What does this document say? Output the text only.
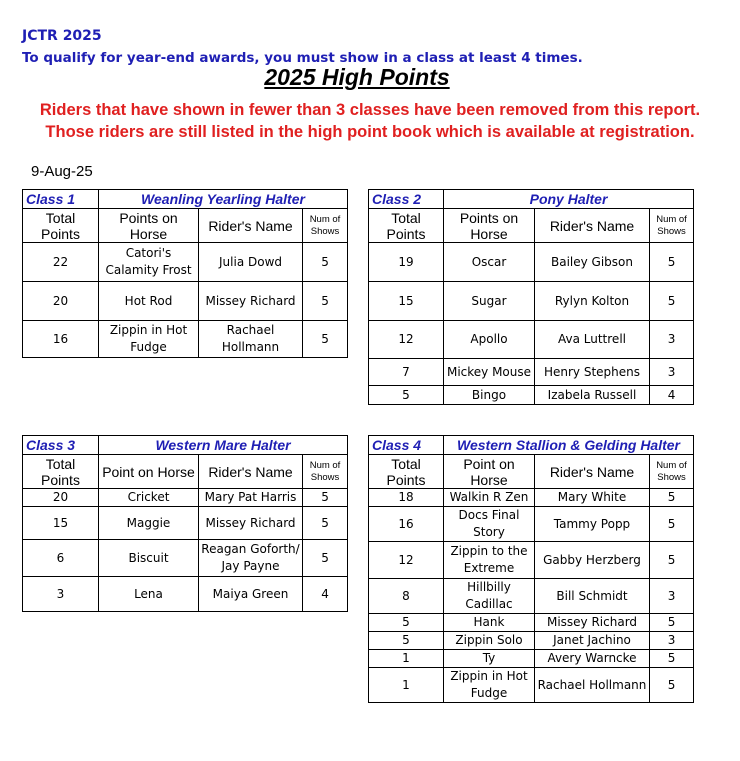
JCTR 2025
To qualify for year-end awards, you must show in a class at least 4 times.
2025 High Points
Riders that have shown in fewer than 3 classes have been removed from this report. Those riders are still listed in the high point book which is available at registration.
9-Aug-25
Class 1	Weanling Yearling Halter		
Total Points	Points on Horse	Rider's Name	Num of Shows
22	Catori's Calamity Frost	Julia Dowd	5
20	Hot Rod	Missey Richard	5
16	Zippin in Hot Fudge	Rachael Hollmann	5
Class 2	Pony Halter		
Total Points	Points on Horse	Rider's Name	Num of Shows
19	Oscar	Bailey Gibson	5
15	Sugar	Rylyn Kolton	5
12	Apollo	Ava Luttrell	3
7	Mickey Mouse	Henry Stephens	3
5	Bingo	Izabela Russell	4
Class 3	Western Mare Halter		
Total Points	Point on Horse	Rider's Name	Num of Shows
20	Cricket	Mary Pat Harris	5
15	Maggie	Missey Richard	5
6	Biscuit	Reagan Goforth/ Jay Payne	5
3	Lena	Maiya Green	4
Class 4	Western Stallion & Gelding Halter		
Total Points	Point on Horse	Rider's Name	Num of Shows
18	Walkin R Zen	Mary White	5
16	Docs Final Story	Tammy Popp	5
12	Zippin to the Extreme	Gabby Herzberg	5
8	Hillbilly Cadillac	Bill Schmidt	3
5	Hank	Missey Richard	5
5	Zippin Solo	Janet Jachino	3
1	Ty	Avery Warncke	5
1	Zippin in Hot Fudge	Rachael Hollmann	5
